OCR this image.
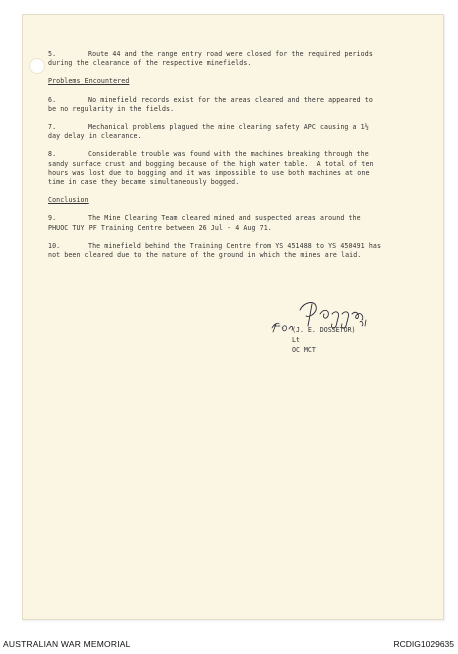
5.	Route 44 and the range entry road were closed for the required periods
during the clearance of the respective minefields.
Problems Encountered
6.	No minefield records exist for the areas cleared and there appeared to
be no regularity in the fields.
7.	Mechanical problems plagued the mine clearing safety APC causing a 1½
day delay in clearance.
8.	Considerable trouble was found with the machines breaking through the
sandy surface crust and bogging because of the high water table.  A total of ten
hours was lost due to bogging and it was impossible to use both machines at one
time in case they became simultaneously bogged.
Conclusion
9.	The Mine Clearing Team cleared mined and suspected areas around the
PHUOC TUY PF Training Centre between 26 Jul - 4 Aug 71.
10.	The minefield behind the Training Centre from YS 451488 to YS 450491 has
not been cleared due to the nature of the ground in which the mines are laid.
(J. E. DOSSETOR)
Lt
OC MCT
AUSTRALIAN WAR MEMORIAL	RCDIG1029635
